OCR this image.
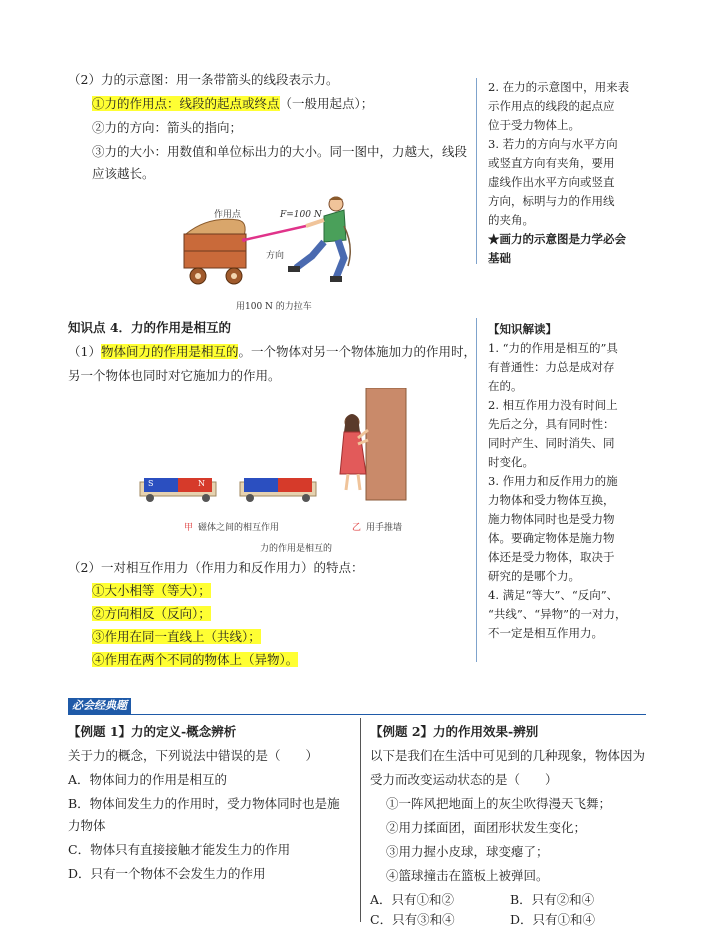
（2）力的示意图：用一条带箭头的线段表示力。
①力的作用点：线段的起点或终点（一般用起点）；
②力的方向：箭头的指向；
③力的大小：用数值和单位标出力的大小。同一图中，力越大，线段
应该越长。
作用点	F=100 N
方向
用100 N 的力拉车
2. 在力的示意图中，用来表
示作用点的线段的起点应
位于受力物体上。
3. 若力的方向与水平方向
或竖直方向有夹角，要用
虚线作出水平方向或竖直
方向，标明与力的作用线
的夹角。
★画力的示意图是力学必会
基础
知识点 4．力的作用是相互的
（1）物体间力的作用是相互的。一个物体对另一个物体施加力的作用时，
另一个物体也同时对它施加力的作用。
S	N
甲 磁体之间的相互作用	乙 用手推墙
力的作用是相互的
（2）一对相互作用力（作用力和反作用力）的特点：
①大小相等（等大）；
②方向相反（反向）；
③作用在同一直线上（共线）；
④作用在两个不同的物体上（异物）。
【知识解读】
1. “力的作用是相互的”具
有普通性：力总是成对存
在的。
2. 相互作用力没有时间上
先后之分，具有同时性：
同时产生、同时消失、同
时变化。
3. 作用力和反作用力的施
力物体和受力物体互换，
施力物体同时也是受力物
体。要确定物体是施力物
体还是受力物体，取决于
研究的是哪个力。
4. 满足“等大”、“反向”、
“共线”、“异物”的一对力，
不一定是相互作用力。
必会经典题
【例题 1】力的定义-概念辨析
关于力的概念，下列说法中错误的是（　　）
A．物体间力的作用是相互的
B．物体间发生力的作用时，受力物体同时也是施
力物体
C．物体只有直接接触才能发生力的作用
D．只有一个物体不会发生力的作用
【例题 2】力的作用效果-辨别
以下是我们在生活中可见到的几种现象，物体因为
受力而改变运动状态的是（　　）
①一阵风把地面上的灰尘吹得漫天飞舞；
②用力揉面团，面团形状发生变化；
③用力握小皮球，球变瘪了；
④篮球撞击在篮板上被弹回。
A．只有①和②	B．只有②和④
C．只有③和④	D．只有①和④
